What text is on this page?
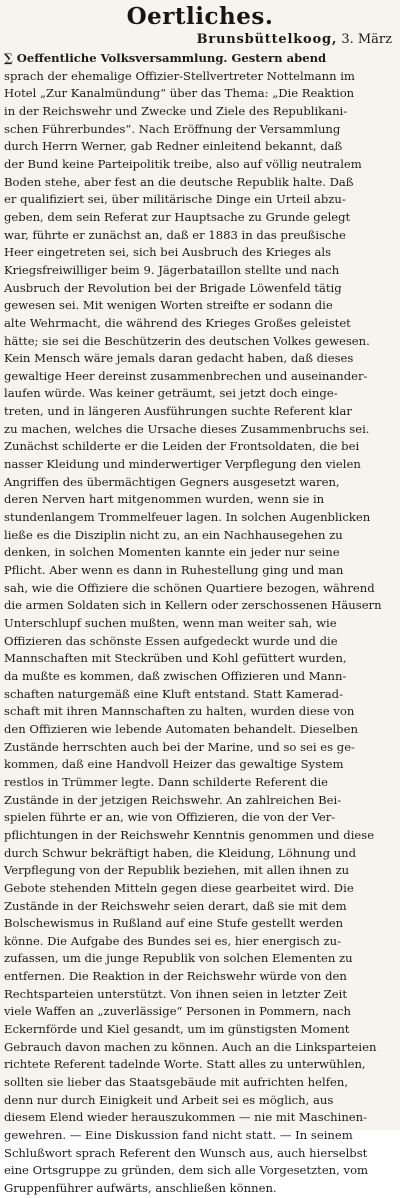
Oertliches.
Brunsbüttelkoog, 3. März
∑ Oeffentliche Volksversammlung. Gestern abend
sprach der ehemalige Offizier-Stellvertreter Nottelmann im
Hotel „Zur Kanalmündung“ über das Thema: „Die Reaktion
in der Reichswehr und Zwecke und Ziele des Republikani-
schen Führerbundes“. Nach Eröffnung der Versammlung
durch Herrn Werner, gab Redner einleitend bekannt, daß
der Bund keine Parteipolitik treibe, also auf völlig neutralem
Boden stehe, aber fest an die deutsche Republik halte. Daß
er qualifiziert sei, über militärische Dinge ein Urteil abzu-
geben, dem sein Referat zur Hauptsache zu Grunde gelegt
war, führte er zunächst an, daß er 1883 in das preußische
Heer eingetreten sei, sich bei Ausbruch des Krieges als
Kriegsfreiwilliger beim 9. Jägerbataillon stellte und nach
Ausbruch der Revolution bei der Brigade Löwenfeld tätig
gewesen sei. Mit wenigen Worten streifte er sodann die
alte Wehrmacht, die während des Krieges Großes geleistet
hätte; sie sei die Beschützerin des deutschen Volkes gewesen.
Kein Mensch wäre jemals daran gedacht haben, daß dieses
gewaltige Heer dereinst zusammenbrechen und auseinander-
laufen würde. Was keiner geträumt, sei jetzt doch einge-
treten, und in längeren Ausführungen suchte Referent klar
zu machen, welches die Ursache dieses Zusammenbruchs sei.
Zunächst schilderte er die Leiden der Frontsoldaten, die bei
nasser Kleidung und minderwertiger Verpflegung den vielen
Angriffen des übermächtigen Gegners ausgesetzt waren,
deren Nerven hart mitgenommen wurden, wenn sie in
stundenlangem Trommelfeuer lagen. In solchen Augenblicken
ließe es die Disziplin nicht zu, an ein Nachhausegehen zu
denken, in solchen Momenten kannte ein jeder nur seine
Pflicht. Aber wenn es dann in Ruhestellung ging und man
sah, wie die Offiziere die schönen Quartiere bezogen, während
die armen Soldaten sich in Kellern oder zerschossenen Häusern
Unterschlupf suchen mußten, wenn man weiter sah, wie
Offizieren das schönste Essen aufgedeckt wurde und die
Mannschaften mit Steckrüben und Kohl gefüttert wurden,
da mußte es kommen, daß zwischen Offizieren und Mann-
schaften naturgemäß eine Kluft entstand. Statt Kamerad-
schaft mit ihren Mannschaften zu halten, wurden diese von
den Offizieren wie lebende Automaten behandelt. Dieselben
Zustände herrschten auch bei der Marine, und so sei es ge-
kommen, daß eine Handvoll Heizer das gewaltige System
restlos in Trümmer legte. Dann schilderte Referent die
Zustände in der jetzigen Reichswehr. An zahlreichen Bei-
spielen führte er an, wie von Offizieren, die von der Ver-
pflichtungen in der Reichswehr Kenntnis genommen und diese
durch Schwur bekräftigt haben, die Kleidung, Löhnung und
Verpflegung von der Republik beziehen, mit allen ihnen zu
Gebote stehenden Mitteln gegen diese gearbeitet wird. Die
Zustände in der Reichswehr seien derart, daß sie mit dem
Bolschewismus in Rußland auf eine Stufe gestellt werden
könne. Die Aufgabe des Bundes sei es, hier energisch zu-
zufassen, um die junge Republik von solchen Elementen zu
entfernen. Die Reaktion in der Reichswehr würde von den
Rechtsparteien unterstützt. Von ihnen seien in letzter Zeit
viele Waffen an „zuverlässige“ Personen in Pommern, nach
Eckernförde und Kiel gesandt, um im günstigsten Moment
Gebrauch davon machen zu können. Auch an die Linksparteien
richtete Referent tadelnde Worte. Statt alles zu unterwühlen,
sollten sie lieber das Staatsgebäude mit aufrichten helfen,
denn nur durch Einigkeit und Arbeit sei es möglich, aus
diesem Elend wieder herauszukommen — nie mit Maschinen-
gewehren. — Eine Diskussion fand nicht statt. — In seinem
Schlußwort sprach Referent den Wunsch aus, auch hierselbst
eine Ortsgruppe zu gründen, dem sich alle Vorgesetzten, vom
Gruppenführer aufwärts, anschließen können.
